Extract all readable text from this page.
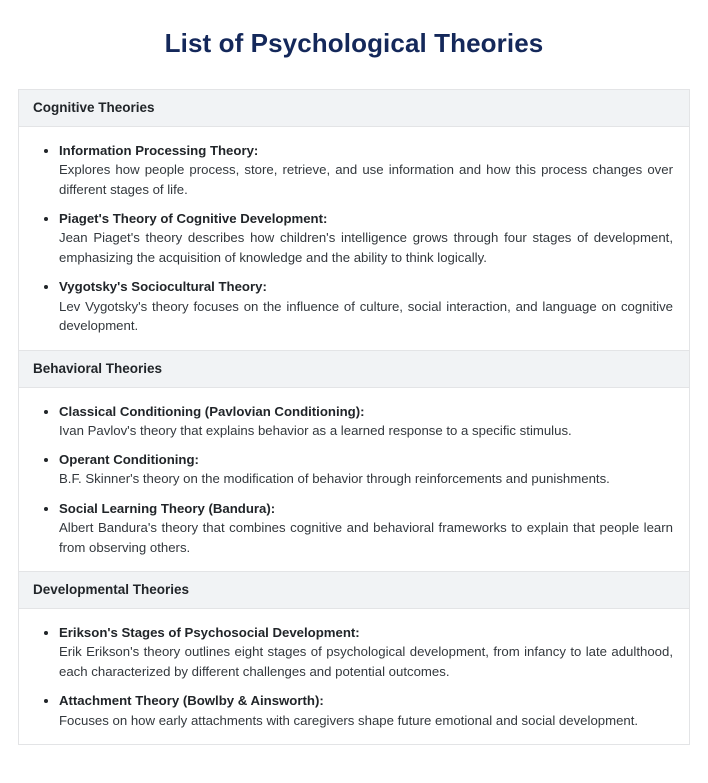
List of Psychological Theories
Cognitive Theories
• Information Processing Theory:
Explores how people process, store, retrieve, and use information and how this process changes over different stages of life.
• Piaget's Theory of Cognitive Development:
Jean Piaget's theory describes how children's intelligence grows through four stages of development, emphasizing the acquisition of knowledge and the ability to think logically.
• Vygotsky's Sociocultural Theory:
Lev Vygotsky's theory focuses on the influence of culture, social interaction, and language on cognitive development.
Behavioral Theories
• Classical Conditioning (Pavlovian Conditioning):
Ivan Pavlov's theory that explains behavior as a learned response to a specific stimulus.
• Operant Conditioning:
B.F. Skinner's theory on the modification of behavior through reinforcements and punishments.
• Social Learning Theory (Bandura):
Albert Bandura's theory that combines cognitive and behavioral frameworks to explain that people learn from observing others.
Developmental Theories
• Erikson's Stages of Psychosocial Development:
Erik Erikson's theory outlines eight stages of psychological development, from infancy to late adulthood, each characterized by different challenges and potential outcomes.
• Attachment Theory (Bowlby & Ainsworth):
Focuses on how early attachments with caregivers shape future emotional and social development.
